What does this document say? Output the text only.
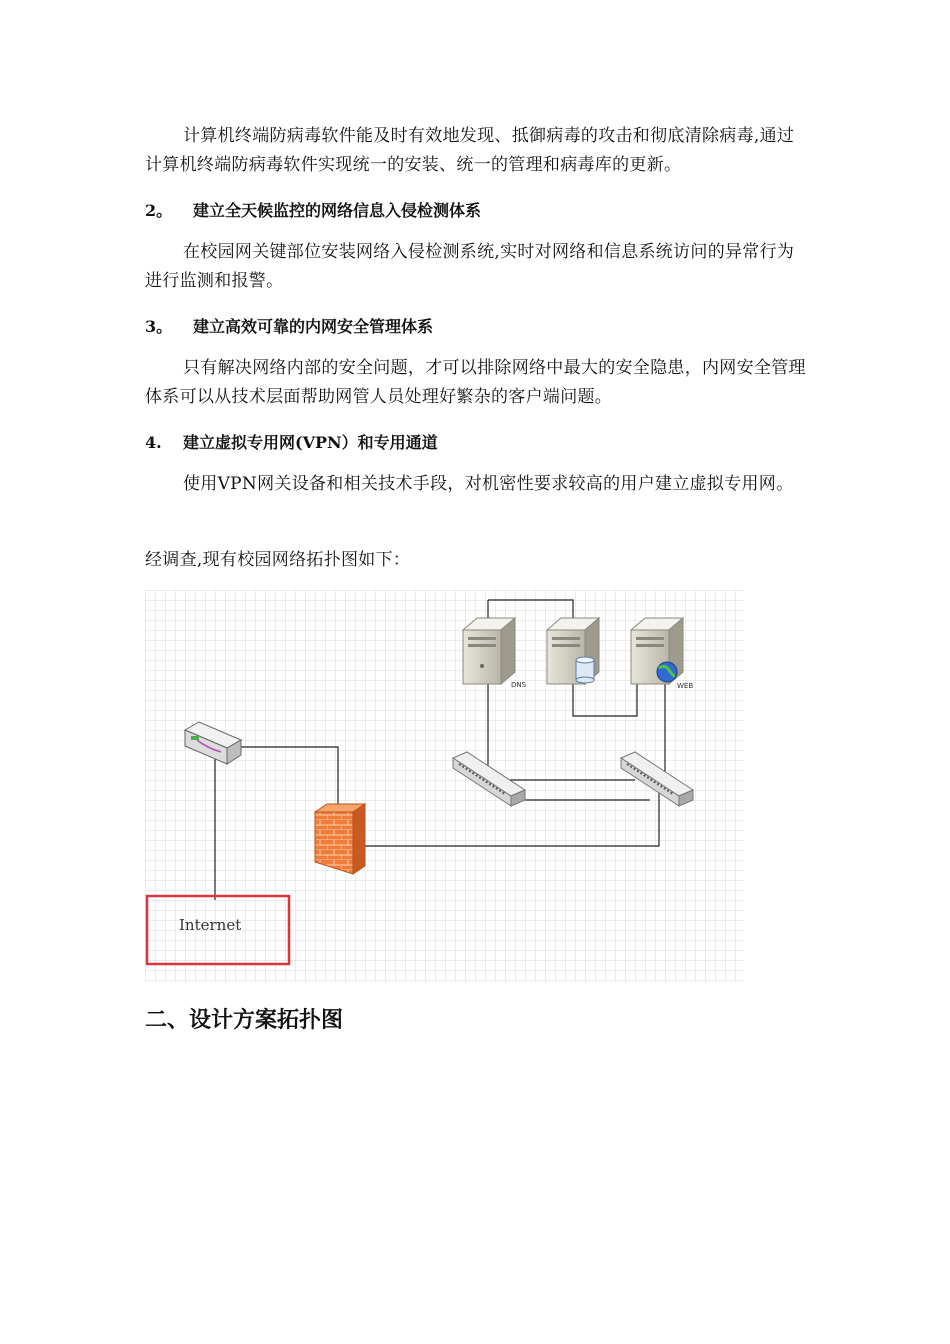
计算机终端防病毒软件能及时有效地发现、抵御病毒的攻击和彻底清除病毒,通过计算机终端防病毒软件实现统一的安装、统一的管理和病毒库的更新。
2。 建立全天候监控的网络信息入侵检测体系
在校园网关键部位安装网络入侵检测系统,实时对网络和信息系统访问的异常行为进行监测和报警。
3。 建立高效可靠的内网安全管理体系
只有解决网络内部的安全问题，才可以排除网络中最大的安全隐患，内网安全管理体系可以从技术层面帮助网管人员处理好繁杂的客户端问题。
4. 建立虚拟专用网(VPN）和专用通道
使用VPN网关设备和相关技术手段，对机密性要求较高的用户建立虚拟专用网。
经调查,现有校园网络拓扑图如下：
DNS	WEB
Internet
二、设计方案拓扑图
